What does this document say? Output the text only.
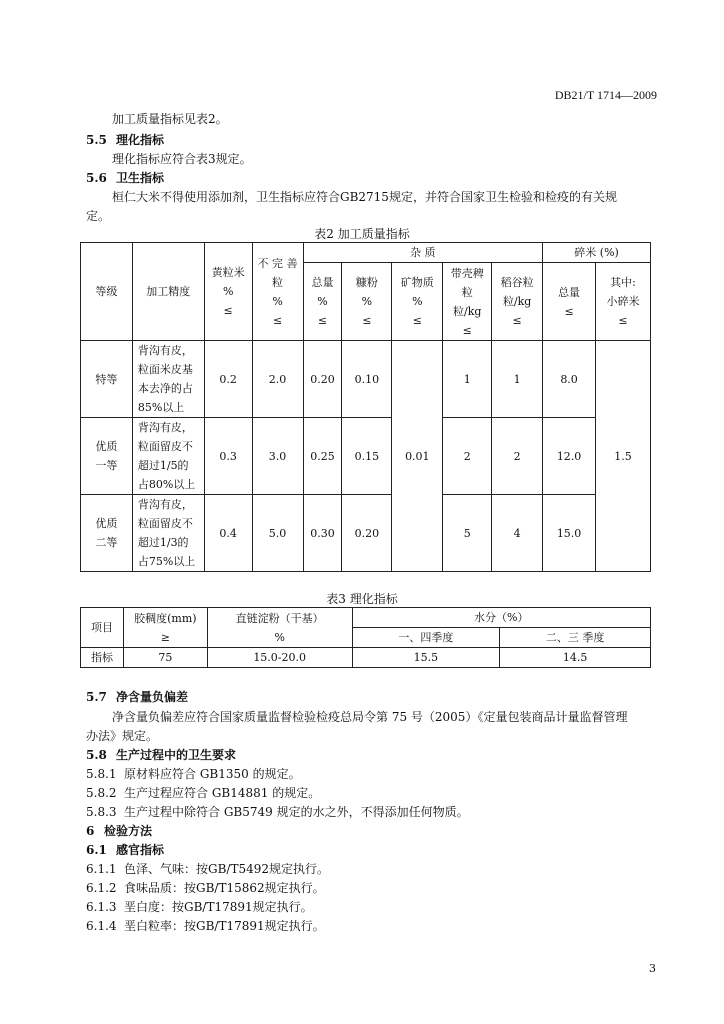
DB21/T 1714—2009
加工质量指标见表2。
5.5 理化指标
理化指标应符合表3规定。
5.6 卫生指标
桓仁大米不得使用添加剂，卫生指标应符合GB2715规定，并符合国家卫生检验和检疫的有关规
定。
表2 加工质量指标
等级	加工精度	黄粒米
%
≤	不 完 善
粒
%
≤	杂 质					碎米 (%)	

				总量
%
≤	糠粉
%
≤	矿物质
%
≤	带壳稗
粒
粒/kg
≤	稻谷粒
粒/kg
≤	总量
≤	其中:
小碎米
≤

特等	背沟有皮，
粒面米皮基
本去净的占
85%以上	0.2	2.0	0.20	0.10	0.01	1	1	8.0	1.5

优质
一等	背沟有皮，
粒面留皮不
超过1/5的
占80%以上	0.3	3.0	0.25	0.15		2	2	12.0	

优质
二等	背沟有皮，
粒面留皮不
超过1/3的
占75%以上	0.4	5.0	0.30	0.20		5	4	15.0	
表3 理化指标
项目	胶稠度(mm)
≥	直链淀粉（干基）
%	水分（%）	
			一、四季度	二、三 季度
指标	75	15.0-20.0	15.5	14.5
5.7 净含量负偏差
净含量负偏差应符合国家质量监督检验检疫总局令第 75 号（2005）《定量包装商品计量监督管理
办法》规定。
5.8 生产过程中的卫生要求
5.8.1 原材料应符合 GB1350 的规定。
5.8.2 生产过程应符合 GB14881 的规定。
5.8.3 生产过程中除符合 GB5749 规定的水之外，不得添加任何物质。
6 检验方法
6.1 感官指标
6.1.1 色泽、气味：按GB/T5492规定执行。
6.1.2 食味品质：按GB/T15862规定执行。
6.1.3 垩白度：按GB/T17891规定执行。
6.1.4 垩白粒率：按GB/T17891规定执行。
3
